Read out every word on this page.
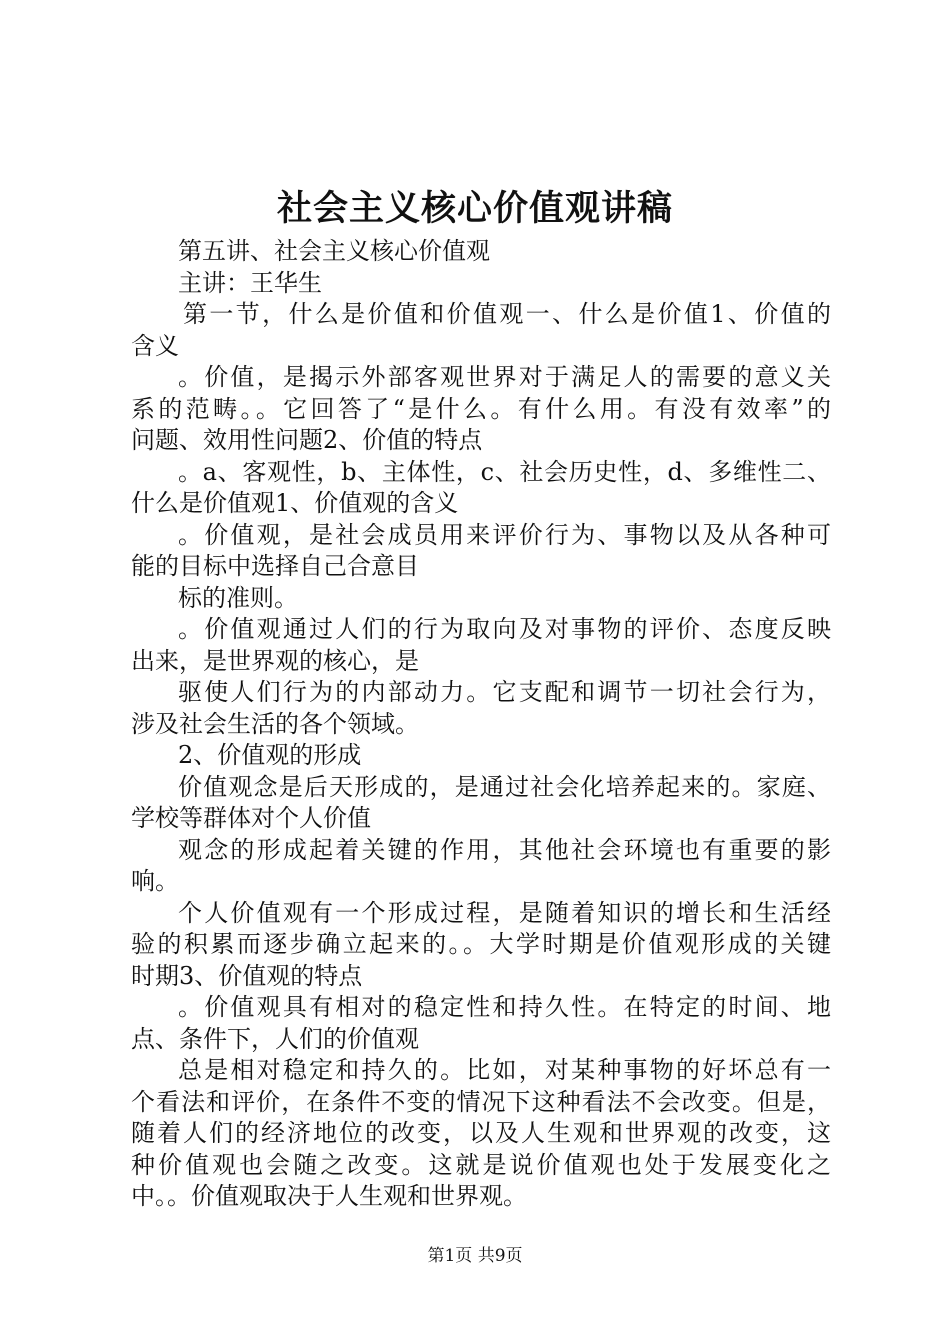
社会主义核心价值观讲稿
第五讲、社会主义核心价值观
主讲：王华生
第一节，什么是价值和价值观一、什么是价值1、价值的
含义
。价值，是揭示外部客观世界对于满足人的需要的意义关
系的范畴。。它回答了“是什么。有什么用。有没有效率”的
问题、效用性问题2、价值的特点
。a、客观性，b、主体性，c、社会历史性，d、多维性二、
什么是价值观1、价值观的含义
。价值观，是社会成员用来评价行为、事物以及从各种可
能的目标中选择自己合意目
标的准则。
。价值观通过人们的行为取向及对事物的评价、态度反映
出来，是世界观的核心，是
驱使人们行为的内部动力。它支配和调节一切社会行为，
涉及社会生活的各个领域。
2、价值观的形成
价值观念是后天形成的，是通过社会化培养起来的。家庭、
学校等群体对个人价值
观念的形成起着关键的作用，其他社会环境也有重要的影
响。
个人价值观有一个形成过程，是随着知识的增长和生活经
验的积累而逐步确立起来的。。大学时期是价值观形成的关键
时期3、价值观的特点
。价值观具有相对的稳定性和持久性。在特定的时间、地
点、条件下，人们的价值观
总是相对稳定和持久的。比如，对某种事物的好坏总有一
个看法和评价，在条件不变的情况下这种看法不会改变。但是，
随着人们的经济地位的改变，以及人生观和世界观的改变，这
种价值观也会随之改变。这就是说价值观也处于发展变化之
中。。价值观取决于人生观和世界观。
第1页 共9页
